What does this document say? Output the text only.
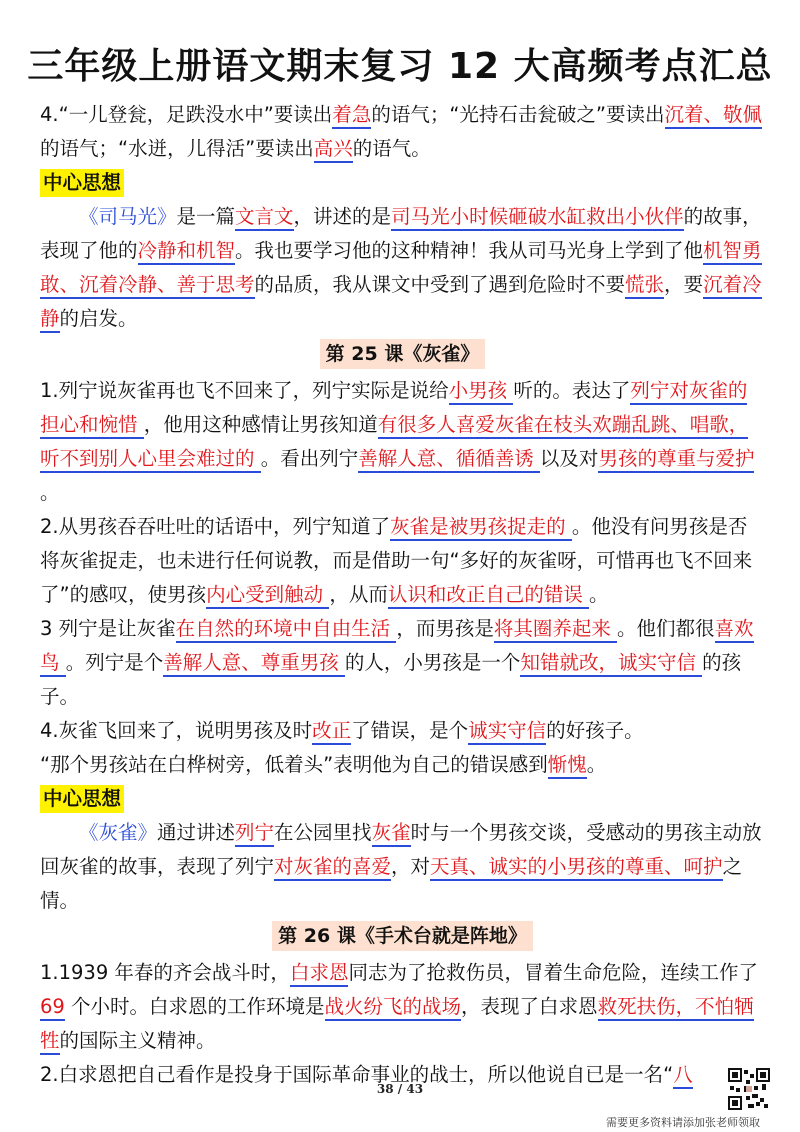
三年级上册语文期末复习 12 大高频考点汇总

4.“一儿登瓮，足跌没水中”要读出着急的语气；“光持石击瓮破之”要读出沉着、敬佩的语气；“水迸，儿得活”要读出高兴的语气。

中心思想

《司马光》是一篇文言文，讲述的是司马光小时候砸破水缸救出小伙伴的故事，表现了他的冷静和机智。我也要学习他的这种精神！我从司马光身上学到了他机智勇敢、沉着冷静、善于思考的品质，我从课文中受到了遇到危险时不要慌张，要沉着冷静的启发。

第 25 课《灰雀》

1.列宁说灰雀再也飞不回来了，列宁实际是说给小男孩 听的。表达了列宁对灰雀的担心和惋惜 ，他用这种感情让男孩知道有很多人喜爱灰雀在枝头欢蹦乱跳、唱歌，听不到别人心里会难过的 。看出列宁善解人意、循循善诱 以及对男孩的尊重与爱护 。

2.从男孩吞吞吐吐的话语中，列宁知道了灰雀是被男孩捉走的 。他没有问男孩是否将灰雀捉走，也未进行任何说教，而是借助一句“多好的灰雀呀，可惜再也飞不回来了”的感叹，使男孩内心受到触动 ，从而认识和改正自己的错误 。

3 列宁是让灰雀在自然的环境中自由生活 ，而男孩是将其圈养起来 。他们都很喜欢鸟 。列宁是个善解人意、尊重男孩 的人，小男孩是一个知错就改，诚实守信 的孩子。

4.灰雀飞回来了，说明男孩及时改正了错误，是个诚实守信的好孩子。

“那个男孩站在白桦树旁，低着头”表明他为自己的错误感到惭愧。

中心思想

《灰雀》通过讲述列宁在公园里找灰雀时与一个男孩交谈，受感动的男孩主动放回灰雀的故事，表现了列宁对灰雀的喜爱，对天真、诚实的小男孩的尊重、呵护之情。

第 26 课《手术台就是阵地》

1.1939 年春的齐会战斗时，白求恩同志为了抢救伤员，冒着生命危险，连续工作了 69 个小时。白求恩的工作环境是战火纷飞的战场，表现了白求恩救死扶伤，不怕牺牲的国际主义精神。

2.白求恩把自己看作是投身于国际革命事业的战士，所以他说自已是一名“八

38 / 43
需要更多资料请添加张老师领取
